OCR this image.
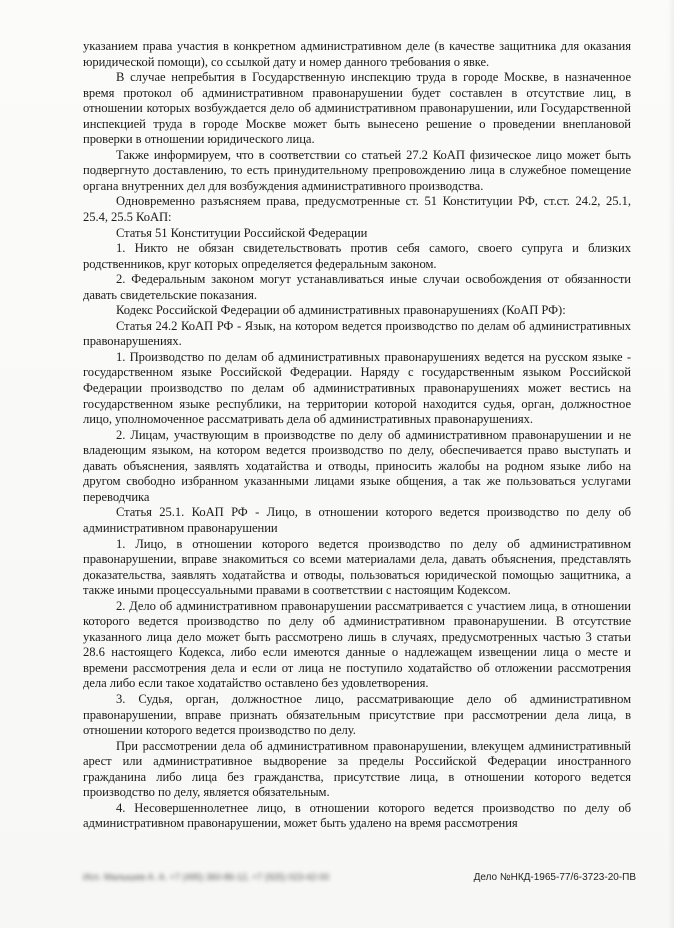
указанием права участия в конкретном административном деле (в качестве защитника для оказания юридической помощи), со ссылкой дату и номер данного требования о явке.

В случае непребытия в Государственную инспекцию труда в городе Москве, в назначенное время протокол об административном правонарушении будет составлен в отсутствие лиц, в отношении которых возбуждается дело об административном правонарушении, или Государственной инспекцией труда в городе Москве может быть вынесено решение о проведении внеплановой проверки в отношении юридического лица.

Также информируем, что в соответствии со статьей 27.2 КоАП физическое лицо может быть подвергнуто доставлению, то есть принудительному препровождению лица в служебное помещение органа внутренних дел для возбуждения административного производства.

Одновременно разъясняем права, предусмотренные ст. 51 Конституции РФ, ст.ст. 24.2, 25.1, 25.4, 25.5 КоАП:

Статья 51 Конституции Российской Федерации

1. Никто не обязан свидетельствовать против себя самого, своего супруга и близких родственников, круг которых определяется федеральным законом.

2. Федеральным законом могут устанавливаться иные случаи освобождения от обязанности давать свидетельские показания.

Кодекс Российской Федерации об административных правонарушениях (КоАП РФ):

Статья 24.2 КоАП РФ - Язык, на котором ведется производство по делам об административных правонарушениях.

1. Производство по делам об административных правонарушениях ведется на русском языке - государственном языке Российской Федерации. Наряду с государственным языком Российской Федерации производство по делам об административных правонарушениях может вестись на государственном языке республики, на территории которой находится судья, орган, должностное лицо, уполномоченное рассматривать дела об административных правонарушениях.

2. Лицам, участвующим в производстве по делу об административном правонарушении и не владеющим языком, на котором ведется производство по делу, обеспечивается право выступать и давать объяснения, заявлять ходатайства и отводы, приносить жалобы на родном языке либо на другом свободно избранном указанными лицами языке общения, а так же пользоваться услугами переводчика

Статья 25.1. КоАП РФ - Лицо, в отношении которого ведется производство по делу об административном правонарушении

1. Лицо, в отношении которого ведется производство по делу об административном правонарушении, вправе знакомиться со всеми материалами дела, давать объяснения, представлять доказательства, заявлять ходатайства и отводы, пользоваться юридической помощью защитника, а также иными процессуальными правами в соответствии с настоящим Кодексом.

2. Дело об административном правонарушении рассматривается с участием лица, в отношении которого ведется производство по делу об административном правонарушении. В отсутствие указанного лица дело может быть рассмотрено лишь в случаях, предусмотренных частью 3 статьи 28.6 настоящего Кодекса, либо если имеются данные о надлежащем извещении лица о месте и времени рассмотрения дела и если от лица не поступило ходатайство об отложении рассмотрения дела либо если такое ходатайство оставлено без удовлетворения.

3. Судья, орган, должностное лицо, рассматривающие дело об административном правонарушении, вправе признать обязательным присутствие при рассмотрении дела лица, в отношении которого ведется производство по делу.

При рассмотрении дела об административном правонарушении, влекущем административный арест или административное выдворение за пределы Российской Федерации иностранного гражданина либо лица без гражданства, присутствие лица, в отношении которого ведется производство по делу, является обязательным.

4. Несовершеннолетнее лицо, в отношении которого ведется производство по делу об административном правонарушении, может быть удалено на время рассмотрения

Исп. Малышев А. А. +7 (495) 360-86-12, +7 (925) 023-42-00	Дело №НКД-1965-77/6-3723-20-ПВ
